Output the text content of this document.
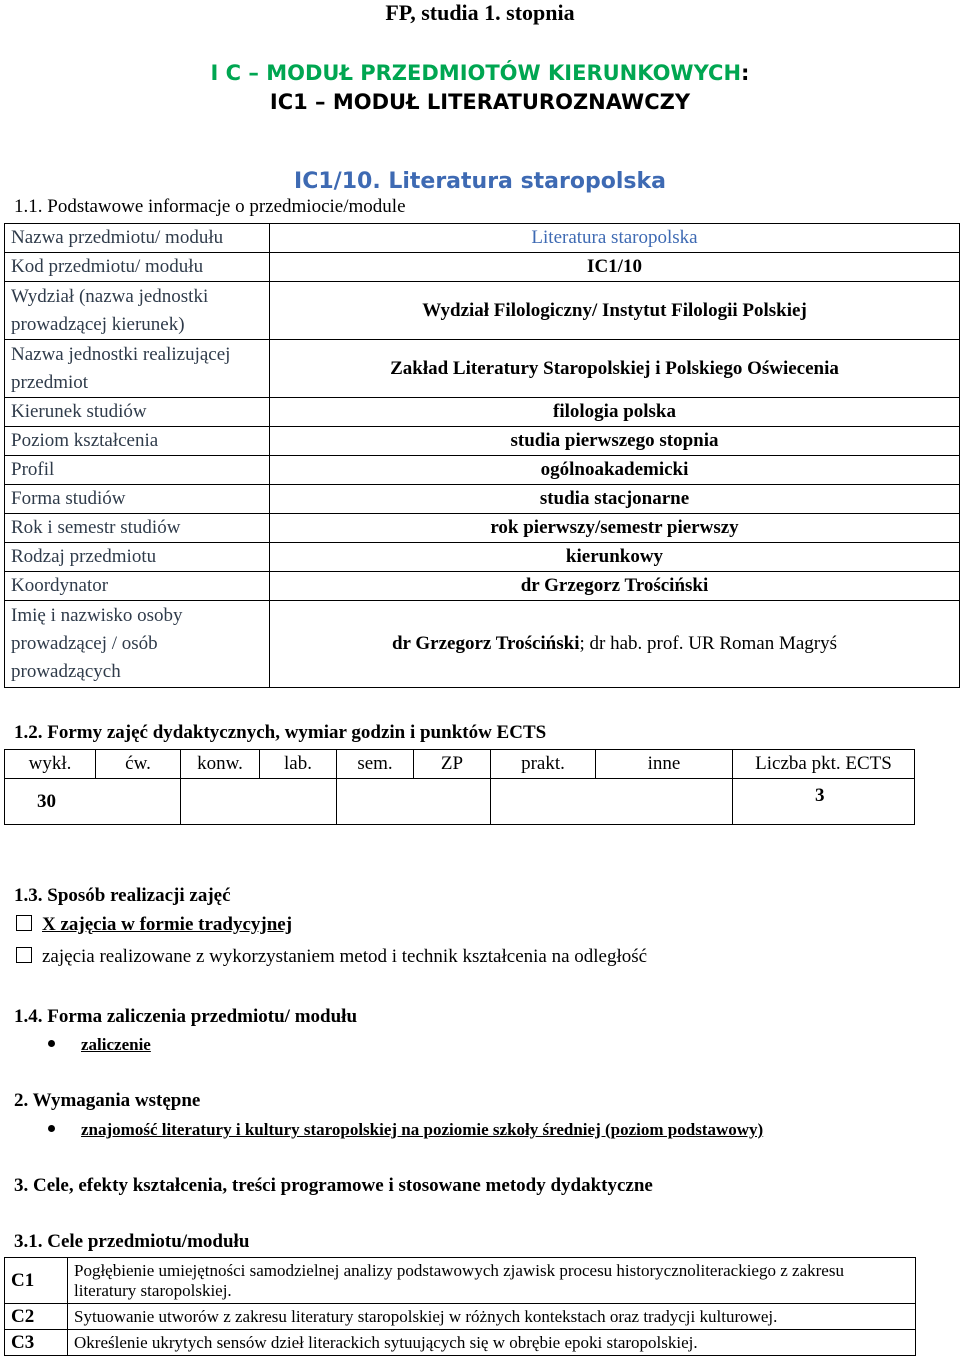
FP, studia 1. stopnia
I C – MODUŁ PRZEDMIOTÓW KIERUNKOWYCH:
IC1 – MODUŁ LITERATUROZNAWCZY
IC1/10. Literatura staropolska
1.1. Podstawowe informacje o przedmiocie/module
Nazwa przedmiotu/ modułu	Literatura staropolska
Kod przedmiotu/ modułu	IC1/10
Wydział (nazwa jednostki prowadzącej kierunek)	Wydział Filologiczny/ Instytut Filologii Polskiej
Nazwa jednostki realizującej przedmiot	Zakład Literatury Staropolskiej i Polskiego Oświecenia
Kierunek studiów	filologia polska
Poziom kształcenia	studia pierwszego stopnia
Profil	ogólnoakademicki
Forma studiów	studia stacjonarne
Rok i semestr studiów	rok pierwszy/semestr pierwszy
Rodzaj przedmiotu	kierunkowy
Koordynator	dr Grzegorz Trościński
Imię i nazwisko osoby prowadzącej / osób prowadzących	dr Grzegorz Trościński; dr hab. prof. UR Roman Magryś
1.2. Formy zajęć dydaktycznych, wymiar godzin i punktów ECTS
wykł.	ćw.	konw.	lab.	sem.	ZP	prakt.	inne	Liczba pkt. ECTS
30								3
1.3. Sposób realizacji zajęć
X zajęcia w formie tradycyjnej
zajęcia realizowane z wykorzystaniem metod i technik kształcenia na odległość
1.4. Forma zaliczenia przedmiotu/ modułu
zaliczenie
2. Wymagania wstępne
znajomość literatury i kultury staropolskiej na poziomie szkoły średniej (poziom podstawowy)
3. Cele, efekty kształcenia, treści programowe i stosowane metody dydaktyczne
3.1. Cele przedmiotu/modułu
C1	Pogłębienie umiejętności samodzielnej analizy podstawowych zjawisk procesu historycznoliterackiego z zakresu literatury staropolskiej.
C2	Sytuowanie utworów z zakresu literatury staropolskiej w różnych kontekstach oraz tradycji kulturowej.
C3	Określenie ukrytych sensów dzieł literackich sytuujących się w obrębie epoki staropolskiej.
